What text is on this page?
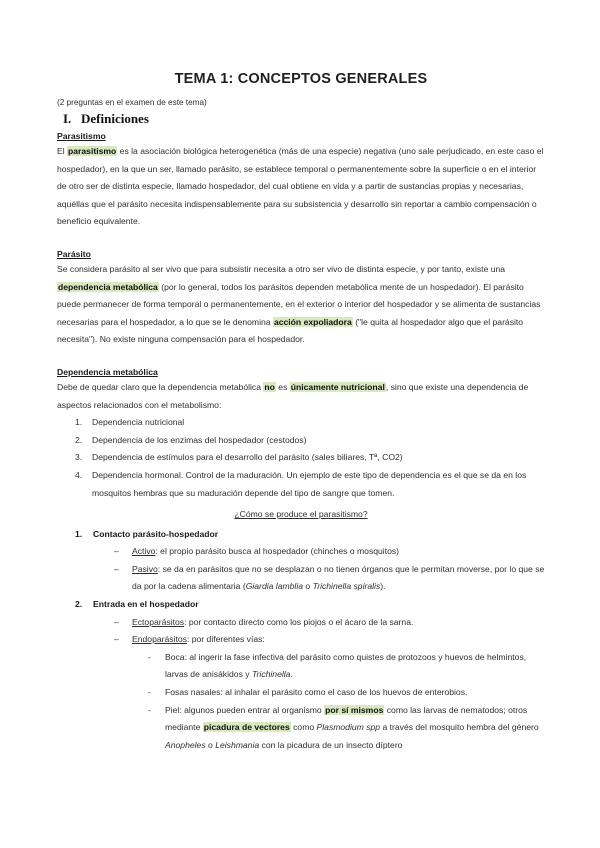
TEMA 1: CONCEPTOS GENERALES

(2 preguntas en el examen de este tema)

I. Definiciones
Parasitismo

El parasitismo es la asociación biológica heterogenética (más de una especie) negativa (uno sale perjudicado, en este caso el hospedador), en la que un ser, llamado parásito, se establece temporal o permanentemente sobre la superficie o en el interior de otro ser de distinta especie, llamado hospedador, del cual obtiene en vida y a partir de sustancias propias y necesarias, aquéllas que el parásito necesita indispensablemente para su subsistencia y desarrollo sin reportar a cambio compensación o beneficio equivalente.

Parásito

Se considera parásito al ser vivo que para subsistir necesita a otro ser vivo de distinta especie, y por tanto, existe una dependencia metabólica (por lo general, todos los parásitos dependen metabólica mente de un hospedador). El parásito puede permanecer de forma temporal o permanentemente, en el exterior o interior del hospedador y se alimenta de sustancias necesarias para el hospedador, a lo que se le denomina acción expoliadora ("le quita al hospedador algo que el parásito necesita"). No existe ninguna compensación para el hospedador.

Dependencia metabólica

Debe de quedar claro que la dependencia metabólica no es únicamente nutricional, sino que existe una dependencia de aspectos relacionados con el metabolismo:

1. Dependencia nutricional
2. Dependencia de los enzimas del hospedador (cestodos)
3. Dependencia de estímulos para el desarrollo del parásito (sales biliares, Tª, CO2)
4. Dependencia hormonal. Control de la maduración. Un ejemplo de este tipo de dependencia es el que se da en los mosquitos hembras que su maduración depende del tipo de sangre que tomen.
¿Cómo se produce el parasitismo?
1. Contacto parásito-hospedador
– Activo: el propio parásito busca al hospedador (chinches o mosquitos)
– Pasivo: se da en parásitos que no se desplazan o no tienen órganos que le permitan moverse, por lo que se da por la cadena alimentaria (Giardia lamblia o Trichinella spiralis).
2. Entrada en el hospedador
– Ectoparásitos: por contacto directo como los piojos o el ácaro de la sarna.
– Endoparásitos: por diferentes vías:
- Boca: al ingerir la fase infectiva del parásito como quistes de protozoos y huevos de helmintos, larvas de anisákidos y Trichinella.
- Fosas nasales: al inhalar el parásito como el caso de los huevos de enterobios.
- Piel: algunos pueden entrar al organismo por sí mismos como las larvas de nematodos; otros mediante picadura de vectores como Plasmodium spp a través del mosquito hembra del género Anopheles o Leishmania con la picadura de un insecto díptero
